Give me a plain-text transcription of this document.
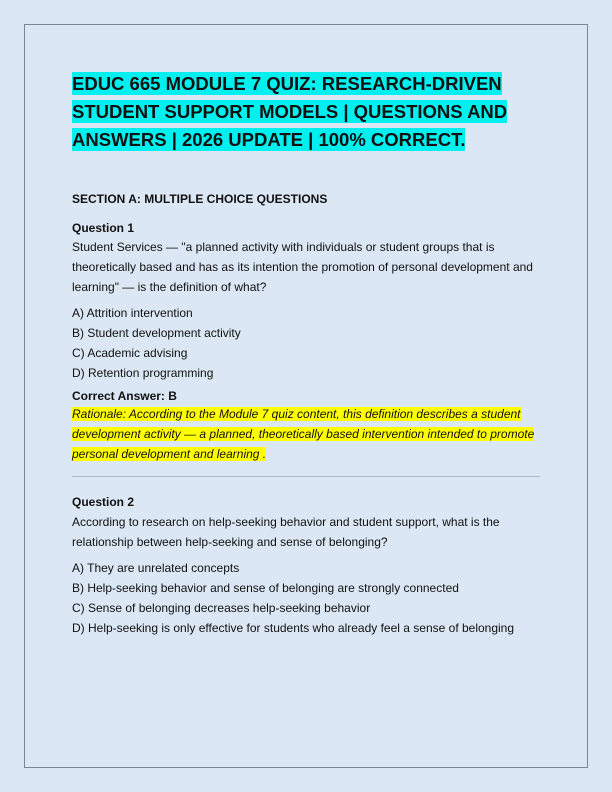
EDUC 665 MODULE 7 QUIZ: RESEARCH-DRIVEN STUDENT SUPPORT MODELS | QUESTIONS AND ANSWERS | 2026 UPDATE | 100% CORRECT.

SECTION A: MULTIPLE CHOICE QUESTIONS

Question 1

Student Services — "a planned activity with individuals or student groups that is theoretically based and has as its intention the promotion of personal development and learning" — is the definition of what?

A) Attrition intervention
B) Student development activity
C) Academic advising
D) Retention programming

Correct Answer: B

Rationale: According to the Module 7 quiz content, this definition describes a student development activity — a planned, theoretically based intervention intended to promote personal development and learning .

Question 2

According to research on help-seeking behavior and student support, what is the relationship between help-seeking and sense of belonging?

A) They are unrelated concepts
B) Help-seeking behavior and sense of belonging are strongly connected
C) Sense of belonging decreases help-seeking behavior
D) Help-seeking is only effective for students who already feel a sense of belonging
